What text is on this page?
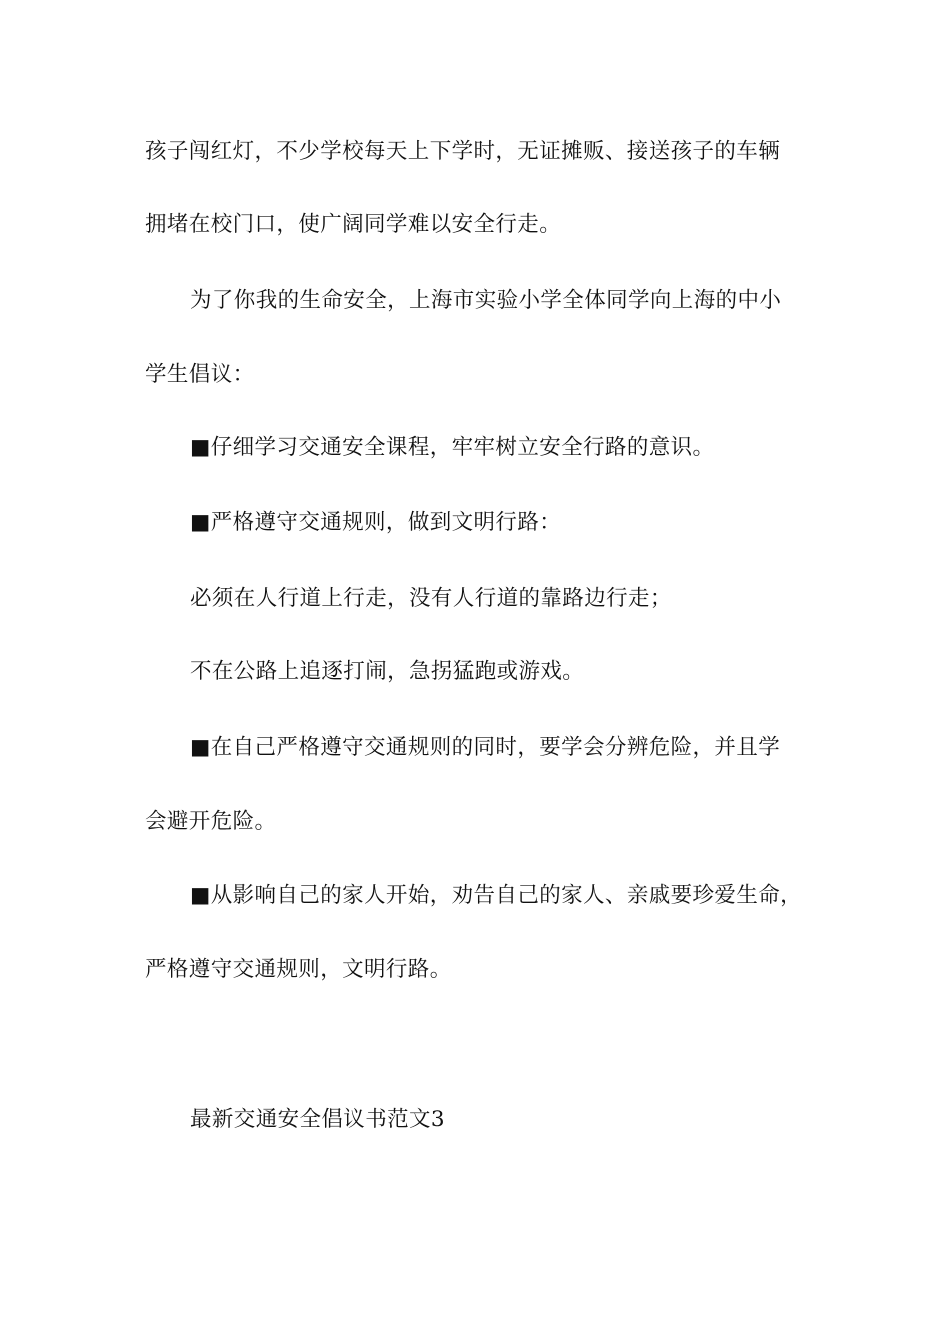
孩子闯红灯，不少学校每天上下学时，无证摊贩、接送孩子的车辆
拥堵在校门口，使广阔同学难以安全行走。
为了你我的生命安全，上海市实验小学全体同学向上海的中小
学生倡议：
■仔细学习交通安全课程，牢牢树立安全行路的意识。
■严格遵守交通规则，做到文明行路：
必须在人行道上行走，没有人行道的靠路边行走；
不在公路上追逐打闹，急拐猛跑或游戏。
■在自己严格遵守交通规则的同时，要学会分辨危险，并且学
会避开危险。
■从影响自己的家人开始，劝告自己的家人、亲戚要珍爱生命，
严格遵守交通规则，文明行路。
最新交通安全倡议书范文3
